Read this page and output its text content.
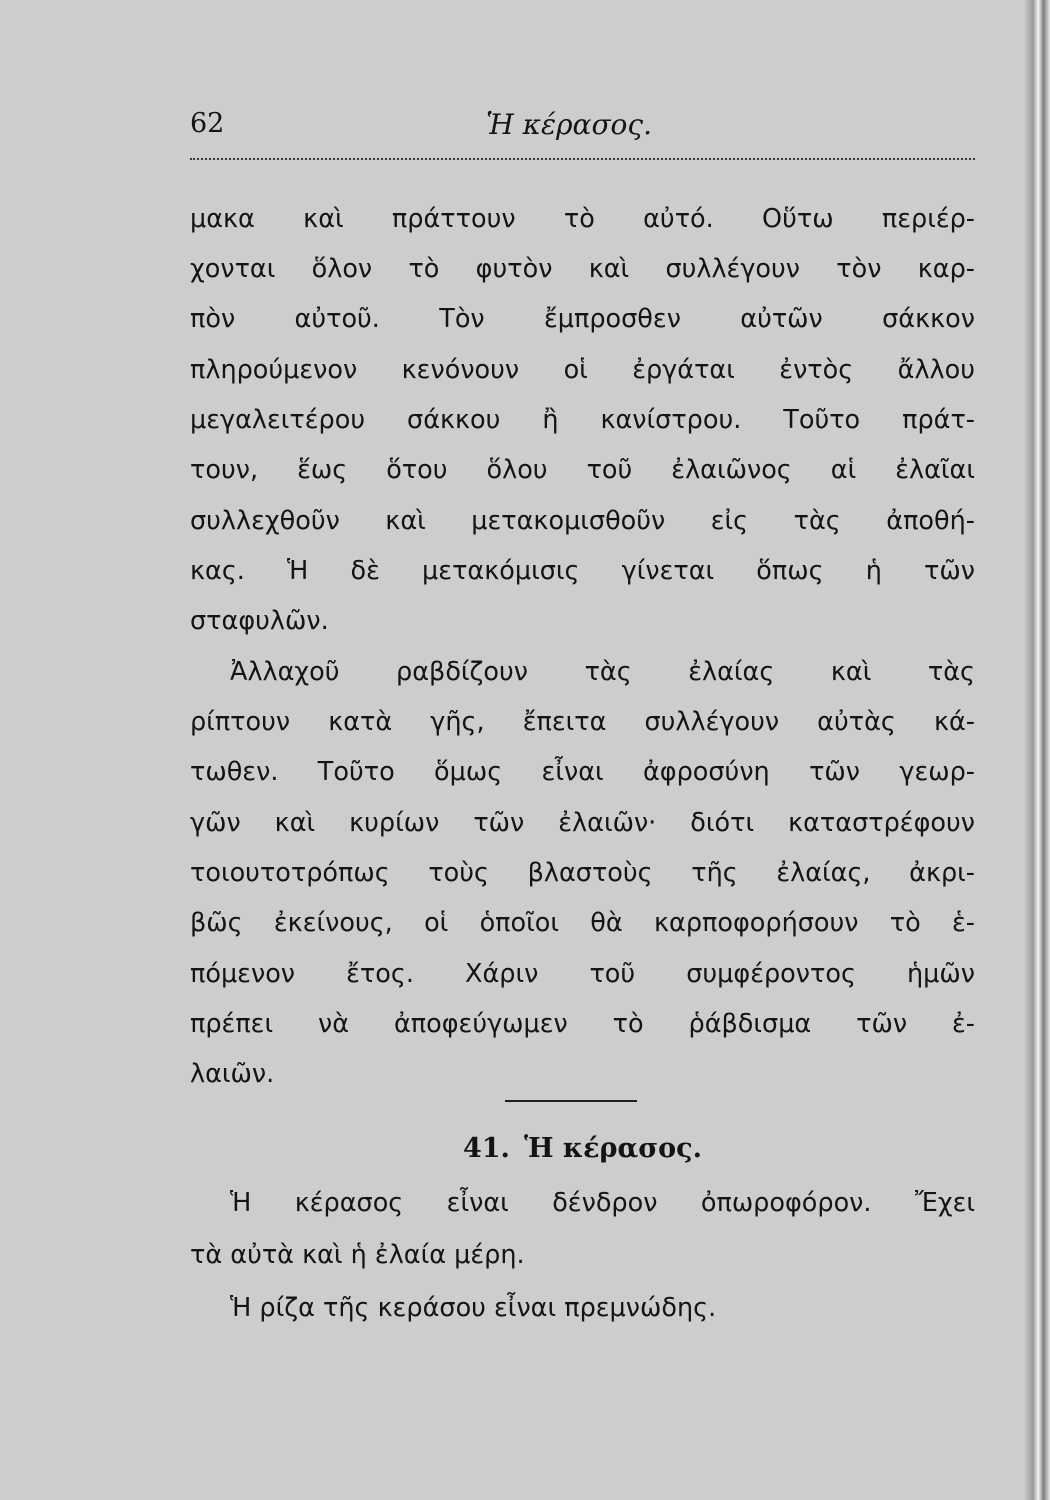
62	Ἡ κέρασος.
μακα καὶ πράττουν τὸ αὐτό. Οὕτω περιέρ-
χονται ὅλον τὸ φυτὸν καὶ συλλέγουν τὸν καρ-
πὸν αὐτοῦ. Τὸν ἔμπροσθεν αὐτῶν σάκκον
πληρούμενον κενόνουν οἱ ἐργάται ἐντὸς ἄλλου
μεγαλειτέρου σάκκου ἢ κανίστρου. Τοῦτο πράτ-
τουν, ἕως ὅτου ὅλου τοῦ ἐλαιῶνος αἱ ἐλαῖαι
συλλεχθοῦν καὶ μετακομισθοῦν εἰς τὰς ἀποθή-
κας. Ἡ δὲ μετακόμισις γίνεται ὅπως ἡ τῶν
σταφυλῶν.
Ἀλλαχοῦ ραβδίζουν τὰς ἐλαίας καὶ τὰς
ρίπτουν κατὰ γῆς, ἔπειτα συλλέγουν αὐτὰς κά-
τωθεν. Τοῦτο ὅμως εἶναι ἀφροσύνη τῶν γεωρ-
γῶν καὶ κυρίων τῶν ἐλαιῶν· διότι καταστρέφουν
τοιουτοτρόπως τοὺς βλαστοὺς τῆς ἐλαίας, ἀκρι-
βῶς ἐκείνους, οἱ ὁποῖοι θὰ καρποφορήσουν τὸ ἑ-
πόμενον ἔτος. Χάριν τοῦ συμφέροντος ἡμῶν
πρέπει νὰ ἀποφεύγωμεν τὸ ῥάβδισμα τῶν ἐ-
λαιῶν.
41. Ἡ κέρασος.
Ἡ κέρασος εἶναι δένδρον ὀπωροφόρον. Ἔχει
τὰ αὐτὰ καὶ ἡ ἐλαία μέρη.
Ἡ ρίζα τῆς κεράσου εἶναι πρεμνώδης.
